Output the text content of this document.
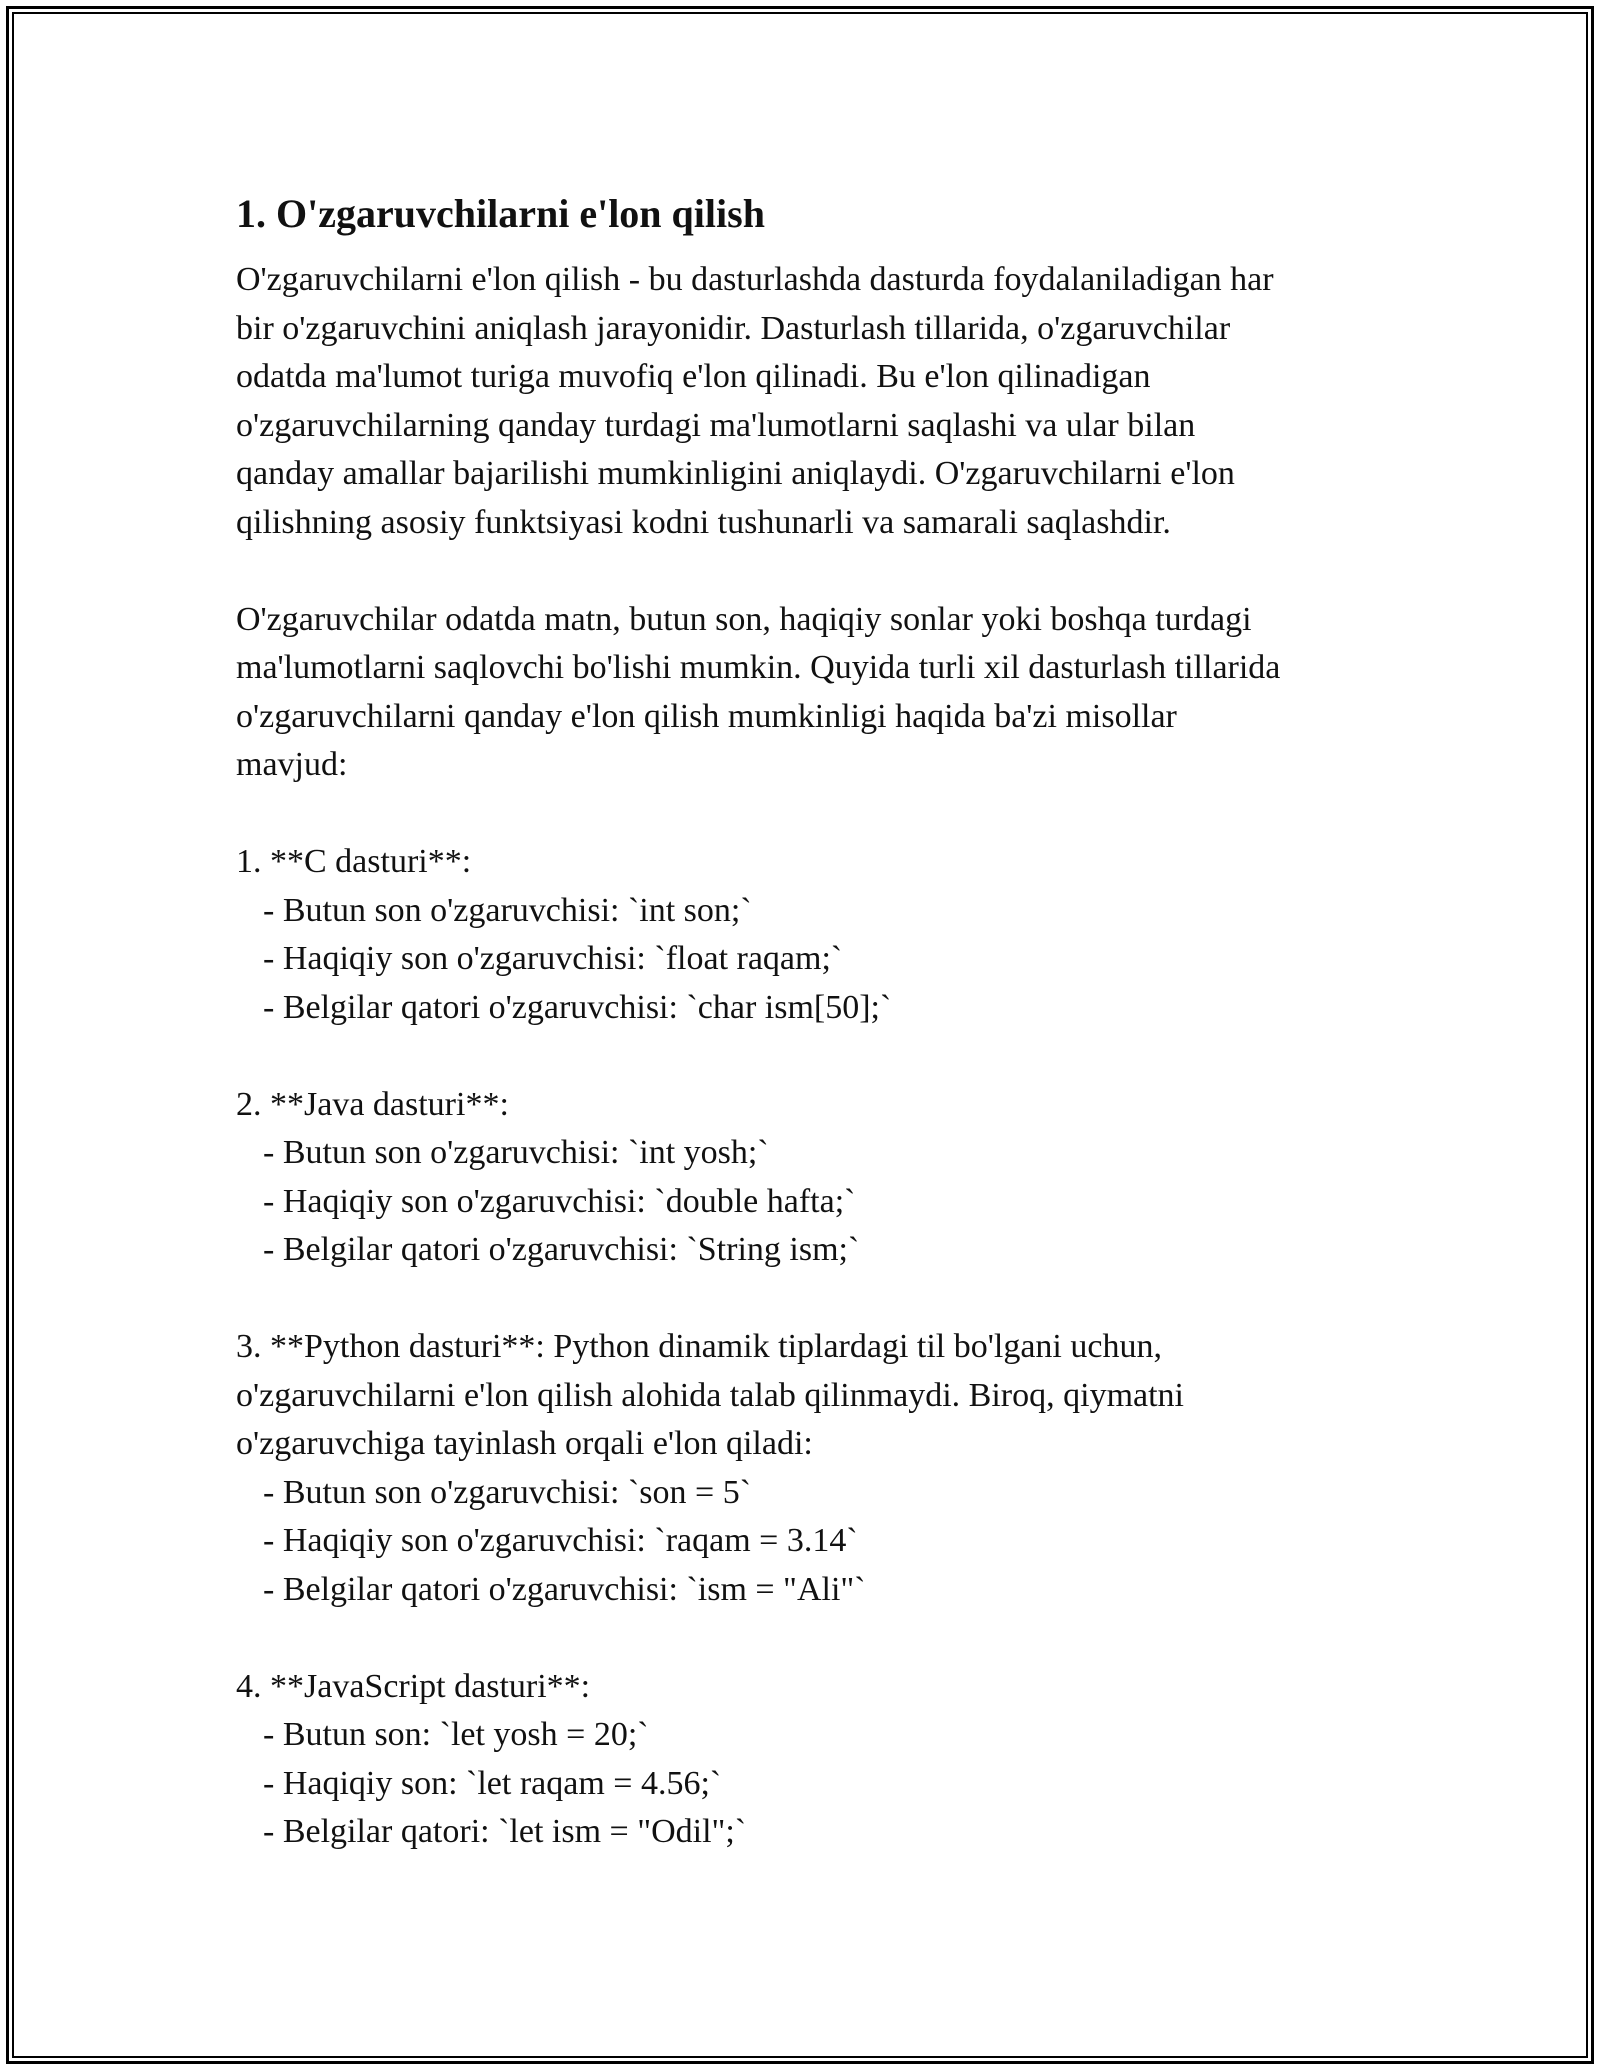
1. O'zgaruvchilarni e'lon qilish
O'zgaruvchilarni e'lon qilish - bu dasturlashda dasturda foydalaniladigan har
bir o'zgaruvchini aniqlash jarayonidir. Dasturlash tillarida, o'zgaruvchilar
odatda ma'lumot turiga muvofiq e'lon qilinadi. Bu e'lon qilinadigan
o'zgaruvchilarning qanday turdagi ma'lumotlarni saqlashi va ular bilan
qanday amallar bajarilishi mumkinligini aniqlaydi. O'zgaruvchilarni e'lon
qilishning asosiy funktsiyasi kodni tushunarli va samarali saqlashdir.
O'zgaruvchilar odatda matn, butun son, haqiqiy sonlar yoki boshqa turdagi
ma'lumotlarni saqlovchi bo'lishi mumkin. Quyida turli xil dasturlash tillarida
o'zgaruvchilarni qanday e'lon qilish mumkinligi haqida ba'zi misollar
mavjud:
1. **C dasturi**:
- Butun son o'zgaruvchisi: `int son;`
- Haqiqiy son o'zgaruvchisi: `float raqam;`
- Belgilar qatori o'zgaruvchisi: `char ism[50];`
2. **Java dasturi**:
- Butun son o'zgaruvchisi: `int yosh;`
- Haqiqiy son o'zgaruvchisi: `double hafta;`
- Belgilar qatori o'zgaruvchisi: `String ism;`
3. **Python dasturi**: Python dinamik tiplardagi til bo'lgani uchun,
o'zgaruvchilarni e'lon qilish alohida talab qilinmaydi. Biroq, qiymatni
o'zgaruvchiga tayinlash orqali e'lon qiladi:
- Butun son o'zgaruvchisi: `son = 5`
- Haqiqiy son o'zgaruvchisi: `raqam = 3.14`
- Belgilar qatori o'zgaruvchisi: `ism = "Ali"`
4. **JavaScript dasturi**:
- Butun son: `let yosh = 20;`
- Haqiqiy son: `let raqam = 4.56;`
- Belgilar qatori: `let ism = "Odil";`
